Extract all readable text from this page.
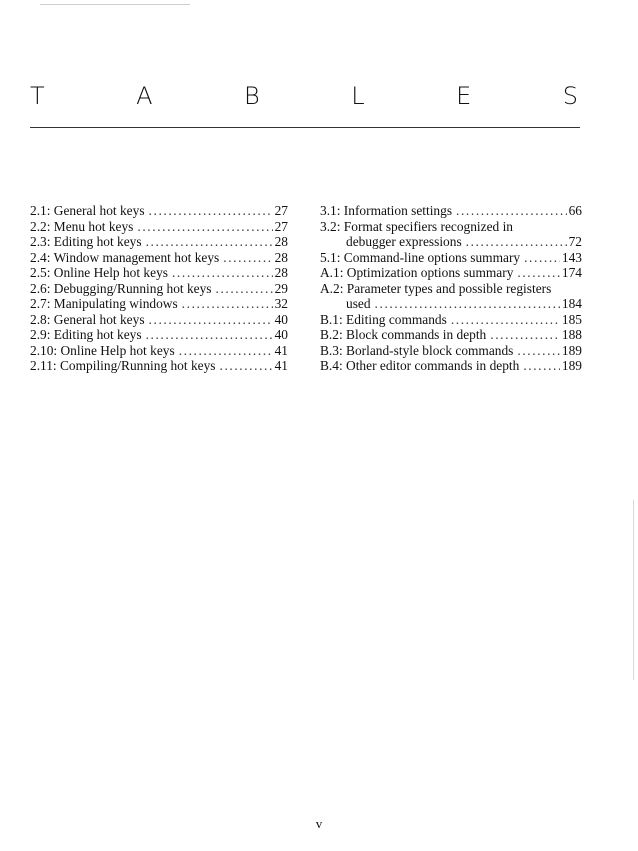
T	A	B	L	E	S
2.1: General hot keys .....	27
2.2: Menu hot keys .....	27
2.3: Editing hot keys .....	28
2.4: Window management hot keys .....	28
2.5: Online Help hot keys .....	28
2.6: Debugging/Running hot keys .....	29
2.7: Manipulating windows .....	32
2.8: General hot keys .....	40
2.9: Editing hot keys .....	40
2.10: Online Help hot keys .....	41
2.11: Compiling/Running hot keys .....	41
3.1: Information settings .....	66
3.2: Format specifiers recognized in
debugger expressions .....	72
5.1: Command-line options summary .....	143
A.1: Optimization options summary .....	174
A.2: Parameter types and possible registers
used .....	184
B.1: Editing commands .....	185
B.2: Block commands in depth .....	188
B.3: Borland-style block commands .....	189
B.4: Other editor commands in depth .....	189
v
